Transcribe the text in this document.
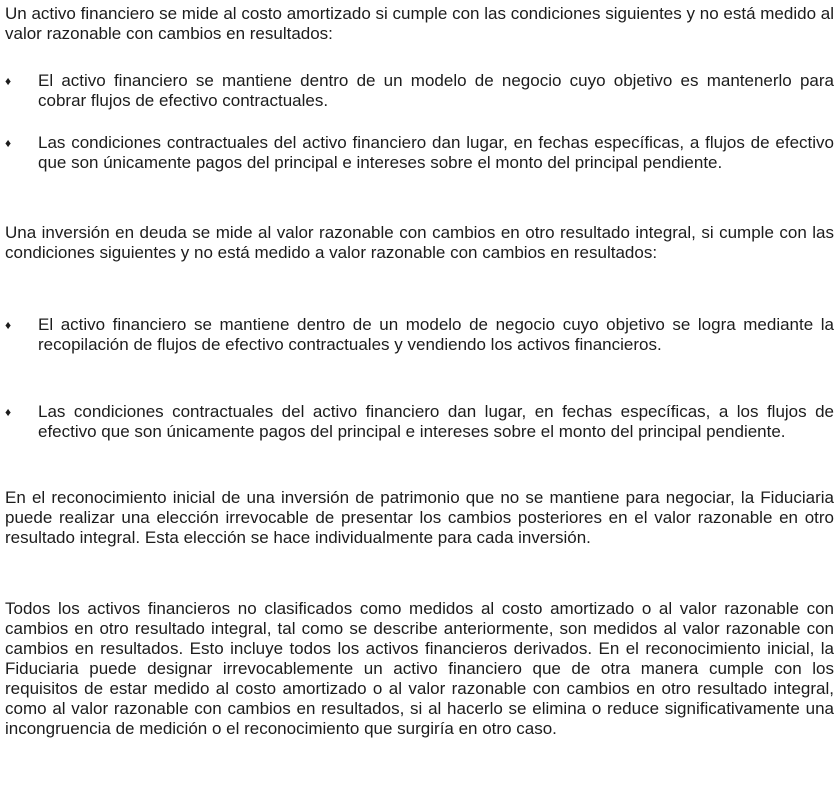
Un activo financiero se mide al costo amortizado si cumple con las condiciones siguientes y no está medido al valor razonable con cambios en resultados:

♦	El activo financiero se mantiene dentro de un modelo de negocio cuyo objetivo es mantenerlo para cobrar flujos de efectivo contractuales.

♦	Las condiciones contractuales del activo financiero dan lugar, en fechas específicas, a flujos de efectivo que son únicamente pagos del principal e intereses sobre el monto del principal pendiente.

Una inversión en deuda se mide al valor razonable con cambios en otro resultado integral, si cumple con las condiciones siguientes y no está medido a valor razonable con cambios en resultados:

♦	El activo financiero se mantiene dentro de un modelo de negocio cuyo objetivo se logra mediante la recopilación de flujos de efectivo contractuales y vendiendo los activos financieros.

♦	Las condiciones contractuales del activo financiero dan lugar, en fechas específicas, a los flujos de efectivo que son únicamente pagos del principal e intereses sobre el monto del principal pendiente.

En el reconocimiento inicial de una inversión de patrimonio que no se mantiene para negociar, la Fiduciaria puede realizar una elección irrevocable de presentar los cambios posteriores en el valor razonable en otro resultado integral. Esta elección se hace individualmente para cada inversión.

Todos los activos financieros no clasificados como medidos al costo amortizado o al valor razonable con cambios en otro resultado integral, tal como se describe anteriormente, son medidos al valor razonable con cambios en resultados. Esto incluye todos los activos financieros derivados. En el reconocimiento inicial, la Fiduciaria puede designar irrevocablemente un activo financiero que de otra manera cumple con los requisitos de estar medido al costo amortizado o al valor razonable con cambios en otro resultado integral, como al valor razonable con cambios en resultados, si al hacerlo se elimina o reduce significativamente una incongruencia de medición o el reconocimiento que surgiría en otro caso.
